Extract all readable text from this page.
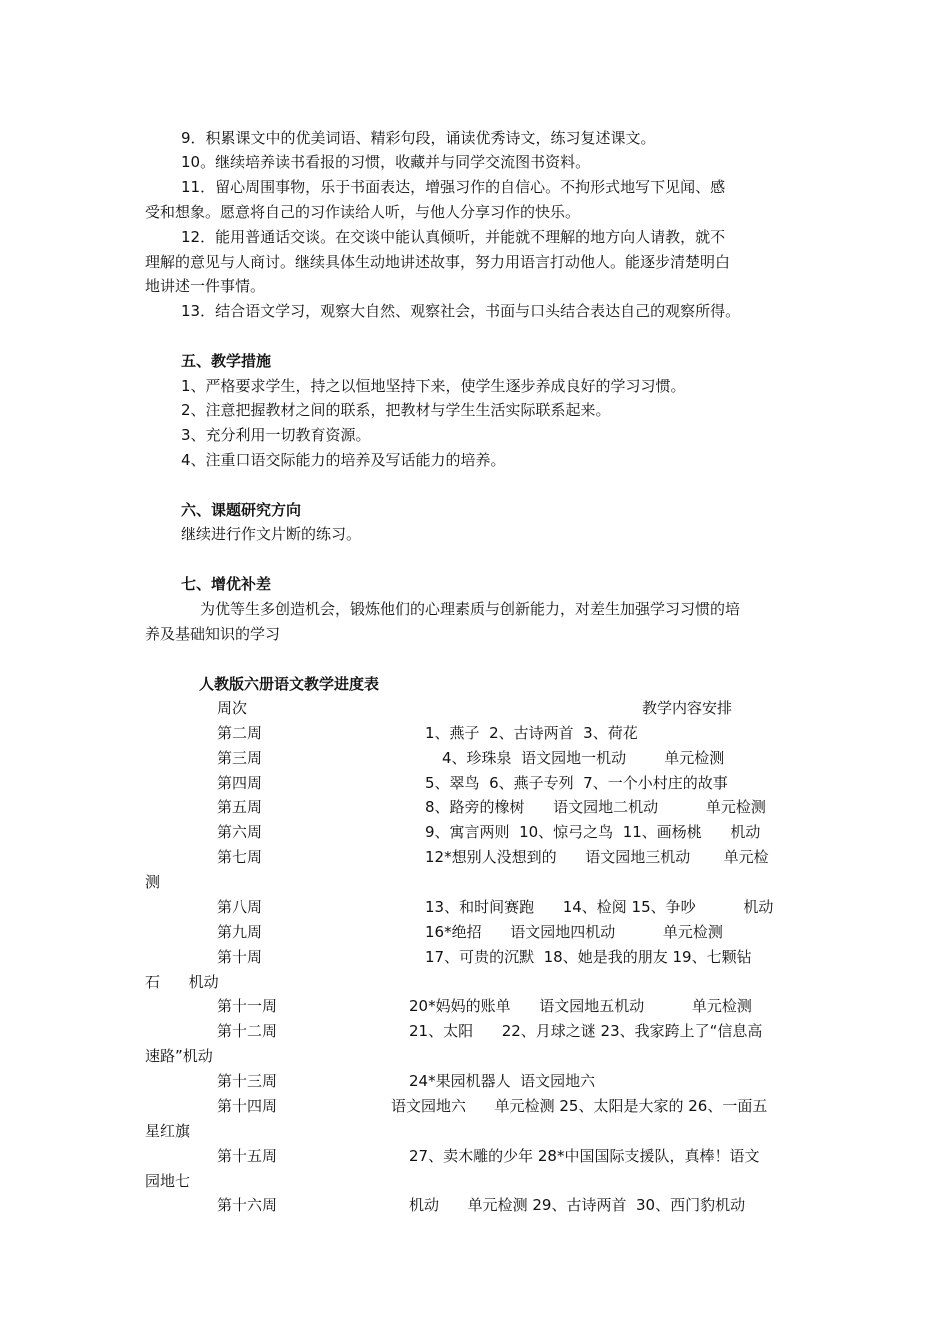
9．积累课文中的优美词语、精彩句段，诵读优秀诗文，练习复述课文。
10。继续培养读书看报的习惯，收藏并与同学交流图书资料。
11．留心周围事物，乐于书面表达，增强习作的自信心。不拘形式地写下见闻、感
受和想象。愿意将自己的习作读给人听，与他人分享习作的快乐。
12．能用普通话交谈。在交谈中能认真倾听，并能就不理解的地方向人请教，就不
理解的意见与人商讨。继续具体生动地讲述故事，努力用语言打动他人。能逐步清楚明白
地讲述一件事情。
13．结合语文学习，观察大自然、观察社会，书面与口头结合表达自己的观察所得。
五、教学措施
1、严格要求学生，持之以恒地坚持下来，使学生逐步养成良好的学习习惯。
2、注意把握教材之间的联系，把教材与学生生活实际联系起来。
3、充分利用一切教育资源。
4、注重口语交际能力的培养及写话能力的培养。
六、课题研究方向
继续进行作文片断的练习。
七、增优补差
为优等生多创造机会，锻炼他们的心理素质与创新能力，对差生加强学习习惯的培
养及基础知识的学习
人教版六册语文教学进度表
周次	教学内容安排
第二周	1、燕子  2、古诗两首  3、荷花
第三周	4、珍珠泉  语文园地一机动        单元检测
第四周	5、翠鸟  6、燕子专列  7、一个小村庄的故事
第五周	8、路旁的橡树      语文园地二机动          单元检测
第六周	9、寓言两则  10、惊弓之鸟  11、画杨桃      机动
第七周	12*想别人没想到的      语文园地三机动       单元检
测
第八周	13、和时间赛跑      14、检阅 15、争吵          机动
第九周	16*绝招      语文园地四机动          单元检测
第十周	17、可贵的沉默  18、她是我的朋友 19、七颗钻
石      机动
第十一周	20*妈妈的账单      语文园地五机动          单元检测
第十二周	21、太阳      22、月球之谜 23、我家跨上了“信息高
速路”机动
第十三周	24*果园机器人  语文园地六
第十四周	语文园地六      单元检测 25、太阳是大家的 26、一面五
星红旗
第十五周	27、卖木雕的少年 28*中国国际支援队，真棒！语文
园地七
第十六周	机动      单元检测 29、古诗两首  30、西门豹机动
